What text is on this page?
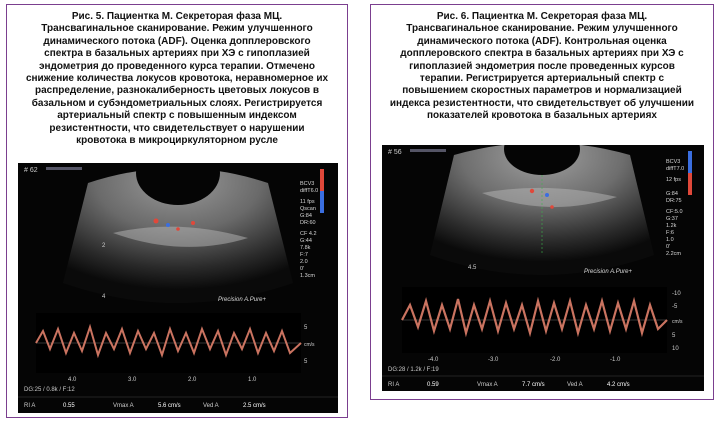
Рис. 5. Пациентка М. Секреторая фаза МЦ.
Трансвагинальное сканирование. Режим улучшенного
динамического потока (ADF). Оценка допплеровского
спектра в базальных артериях при ХЭ с гипоплазией
эндометрия до проведенного курса терапии. Отмечено
снижение количества локусов кровотока, неравномерное их
распределение, разнокалиберность цветовых локусов в
базальном и субэндометриальных слоях. Регистрируется
артериальный спектр с повышенным индексом
резистентности, что свидетельствует о нарушении
кровотока в микроциркуляторном русле
# 62
BCV3
diffT6.0
11 fps
Qscan
G:84
DR:60
CF 4.2
G:44
7.8k
F:7
2.0
0'
1.3cm
2
4	Precision A.Pure+
5
cm/s
5
4.0	3.0	2.0	1.0
DG:25 / 0.8k / F:12
RI A	0.55	Vmax A	5.6 cm/s	Ved A	2.5 cm/s
Рис. 6. Пациентка М. Секреторая фаза МЦ.
Трансвагинальное сканирование. Режим улучшенного
динамического потока (ADF). Контрольная оценка
допплеровского спектра в базальных артериях при ХЭ с
гипоплазией эндометрия после проведенных курсов
терапии. Регистрируется артериальный спектр с
повышением скоростных параметров и нормализацией
индекса резистентности, что свидетельствует об улучшении
показателей кровотока в базальных артериях
# 56
BCV3
diffT7.0
12 fps
G:84
DR:75
CF:5.0
G:37
1.2k
F:6
1.0
0'
2.2cm
4.5
Precision A.Pure+
-10
-5
cm/s
5
10
-4.0	-3.0	-2.0	-1.0
DG:28 / 1.2k / F:19
RI A	0.59	Vmax A	7.7 cm/s	Ved A	4.2 cm/s
